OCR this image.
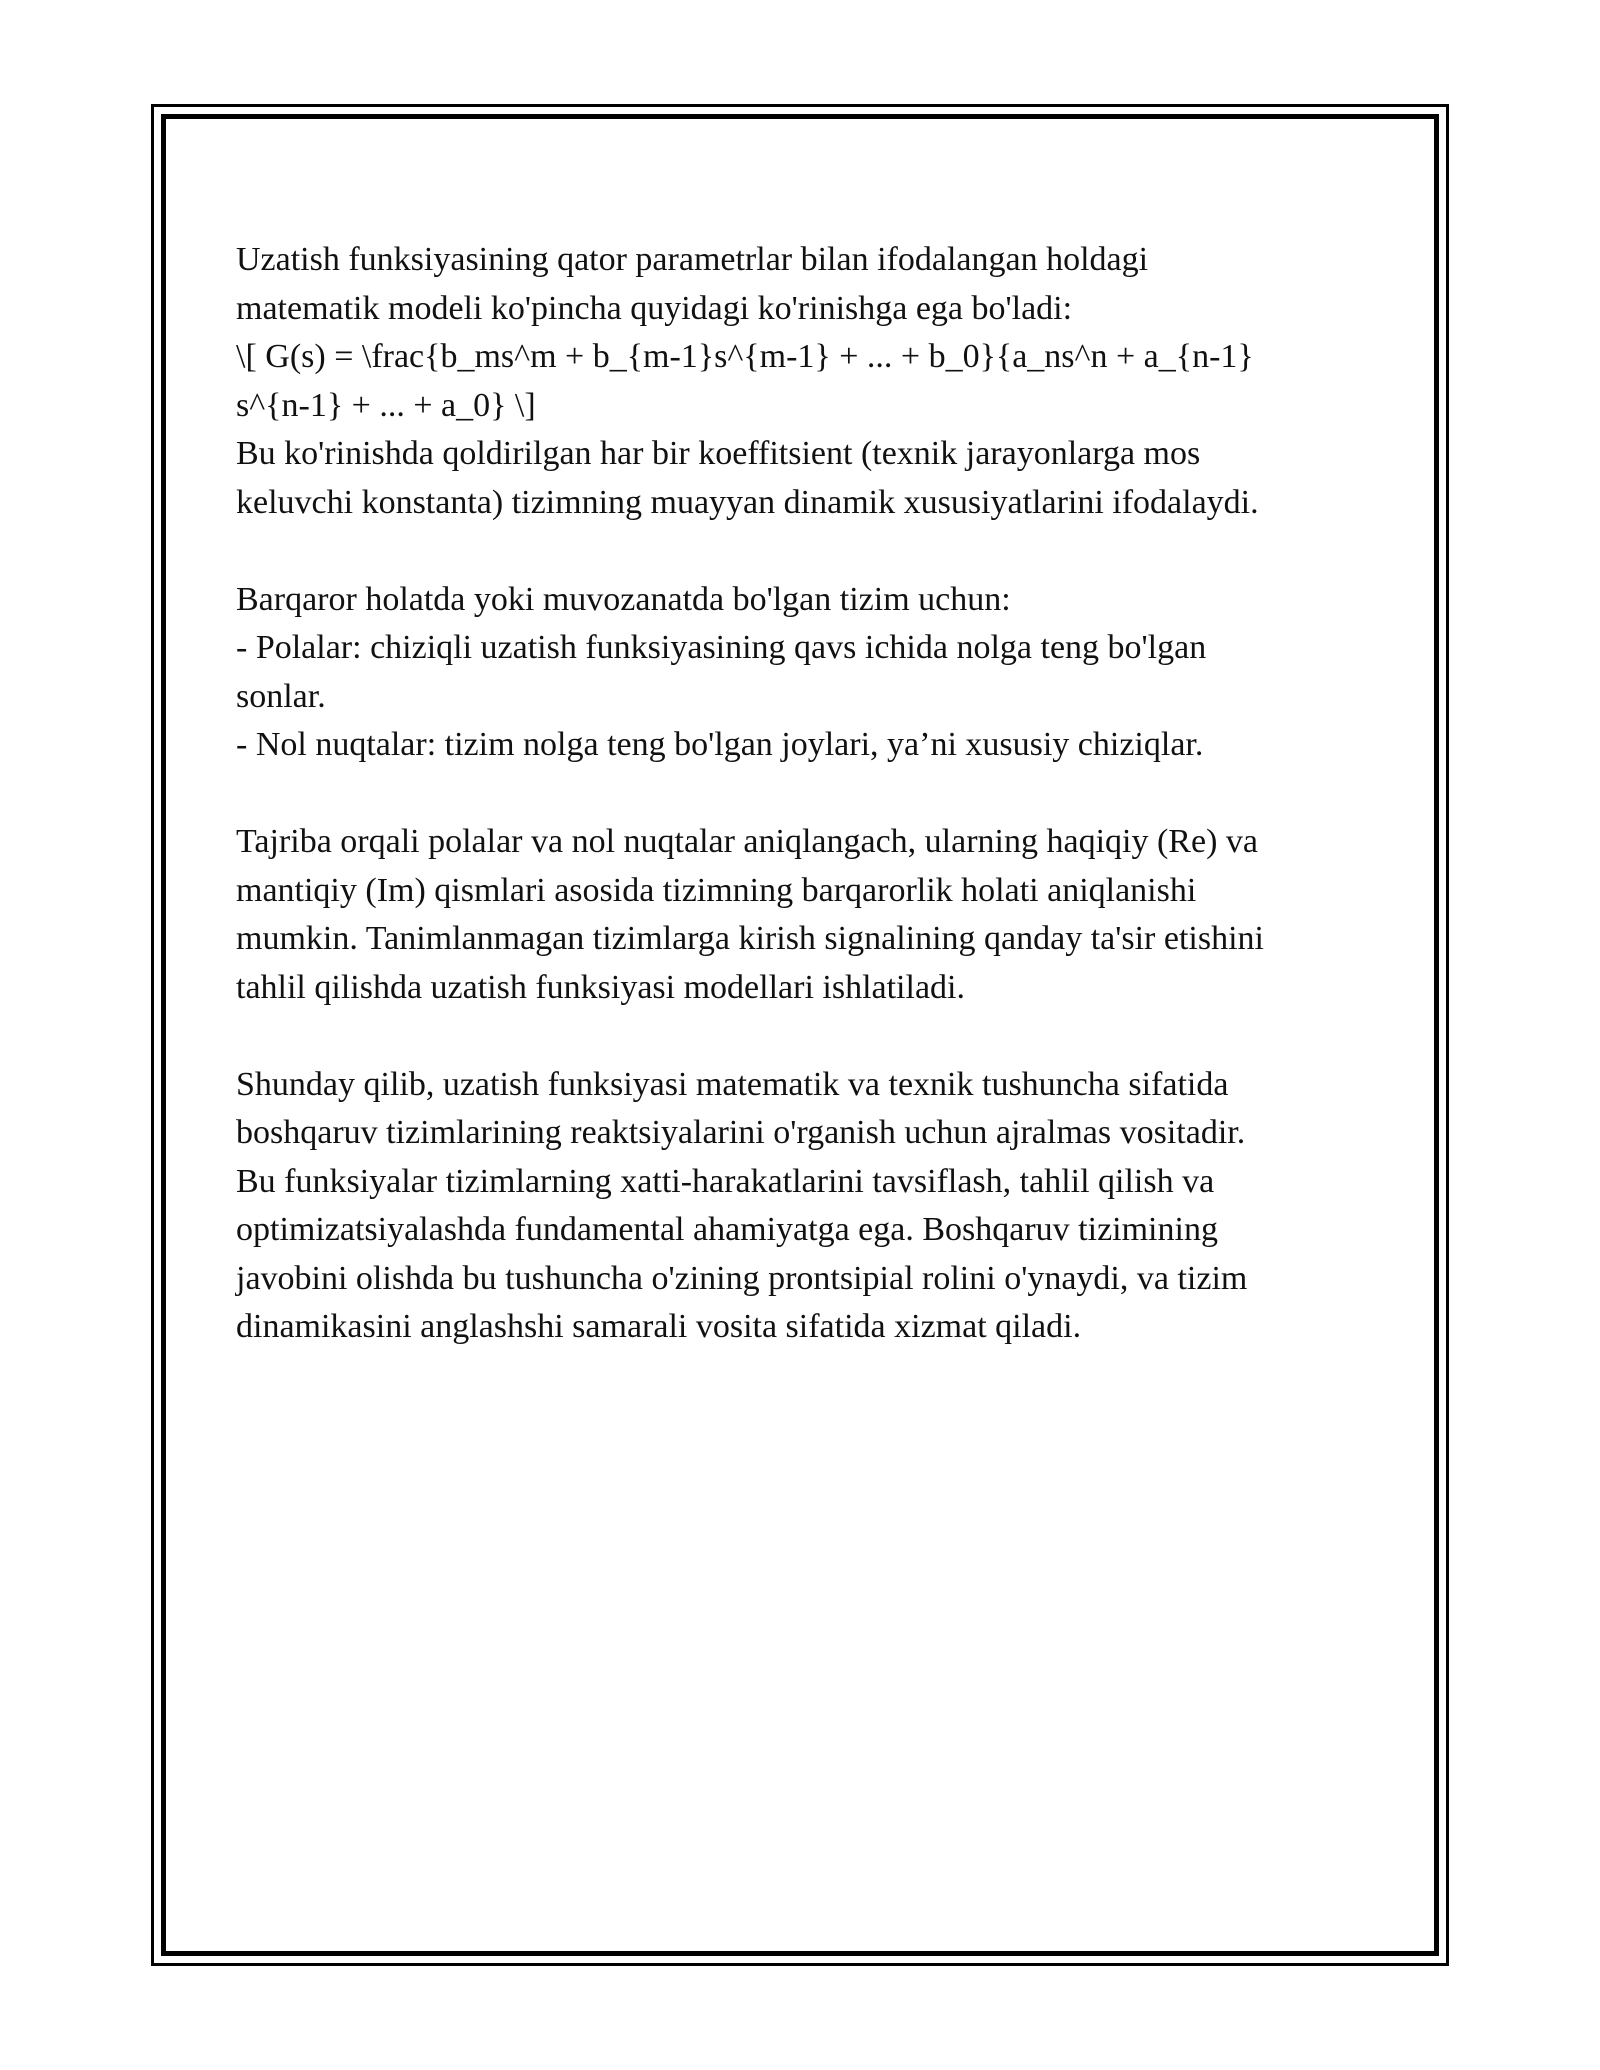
Uzatish funksiyasining qator parametrlar bilan ifodalangan holdagi
matematik modeli ko'pincha quyidagi ko'rinishga ega bo'ladi:
\[ G(s) = \frac{b_ms^m + b_{m-1}s^{m-1} + ... + b_0}{a_ns^n + a_{n-1}
s^{n-1} + ... + a_0} \]
Bu ko'rinishda qoldirilgan har bir koeffitsient (texnik jarayonlarga mos
keluvchi konstanta) tizimning muayyan dinamik xususiyatlarini ifodalaydi.
Barqaror holatda yoki muvozanatda bo'lgan tizim uchun:
- Polalar: chiziqli uzatish funksiyasining qavs ichida nolga teng bo'lgan
sonlar.
- Nol nuqtalar: tizim nolga teng bo'lgan joylari, ya’ni xususiy chiziqlar.
Tajriba orqali polalar va nol nuqtalar aniqlangach, ularning haqiqiy (Re) va
mantiqiy (Im) qismlari asosida tizimning barqarorlik holati aniqlanishi
mumkin. Tanimlanmagan tizimlarga kirish signalining qanday ta'sir etishini
tahlil qilishda uzatish funksiyasi modellari ishlatiladi.
Shunday qilib, uzatish funksiyasi matematik va texnik tushuncha sifatida
boshqaruv tizimlarining reaktsiyalarini o'rganish uchun ajralmas vositadir.
Bu funksiyalar tizimlarning xatti-harakatlarini tavsiflash, tahlil qilish va
optimizatsiyalashda fundamental ahamiyatga ega. Boshqaruv tizimining
javobini olishda bu tushuncha o'zining prontsipial rolini o'ynaydi, va tizim
dinamikasini anglashshi samarali vosita sifatida xizmat qiladi.
